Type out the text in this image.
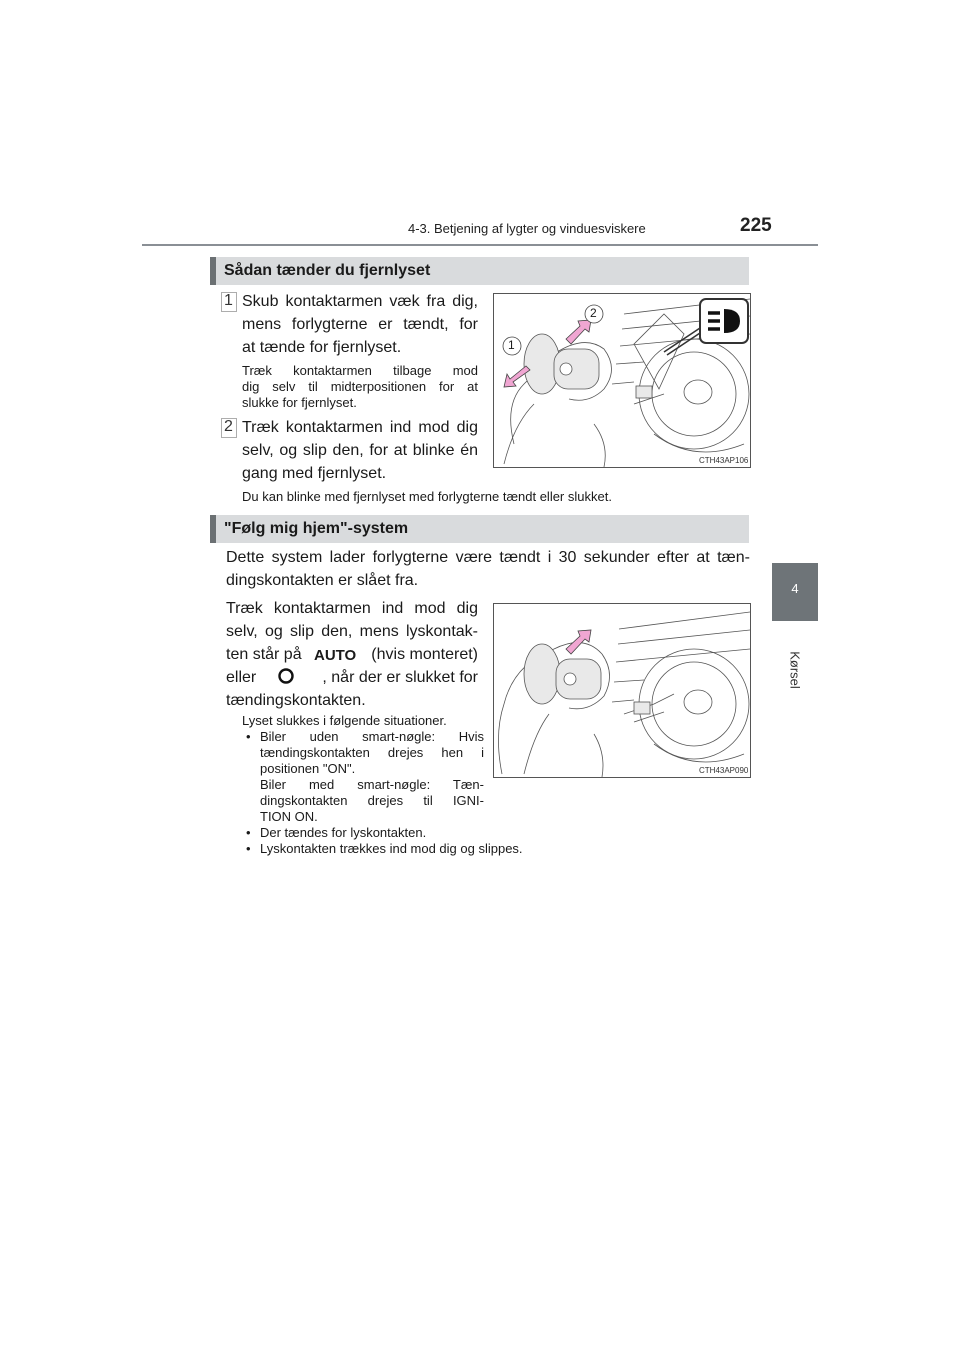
4-3. Betjening af lygter og vinduesviskere	225
4
Kørsel
Sådan tænder du fjernlyset
1 Skub kontaktarmen væk fra dig,
mens forlygterne er tændt, for
at tænde for fjernlyset.
Træk kontaktarmen tilbage mod
dig selv til midterpositionen for at
slukke for fjernlyset.
2 Træk kontaktarmen ind mod dig
selv, og slip den, for at blinke én
gang med fjernlyset.
Du kan blinke med fjernlyset med forlygterne tændt eller slukket.
2
1
CTH43AP106
"Følg mig hjem"-system
Dette system lader forlygterne være tændt i 30 sekunder efter at tæn-
dingskontakten er slået fra.
Træk kontaktarmen ind mod dig
selv, og slip den, mens lyskontak-
ten står på	(hvis monteret)
eller	, når der er slukket for
tændingskontakten.
AUTO
Lyset slukkes i følgende situationer.
• Biler uden smart-nøgle: Hvis
tændingskontakten drejes hen i
positionen "ON".
Biler med smart-nøgle: Tæn-
dingskontakten drejes til IGNI-
TION ON.
• Der tændes for lyskontakten.
• Lyskontakten trækkes ind mod dig og slippes.
CTH43AP090
